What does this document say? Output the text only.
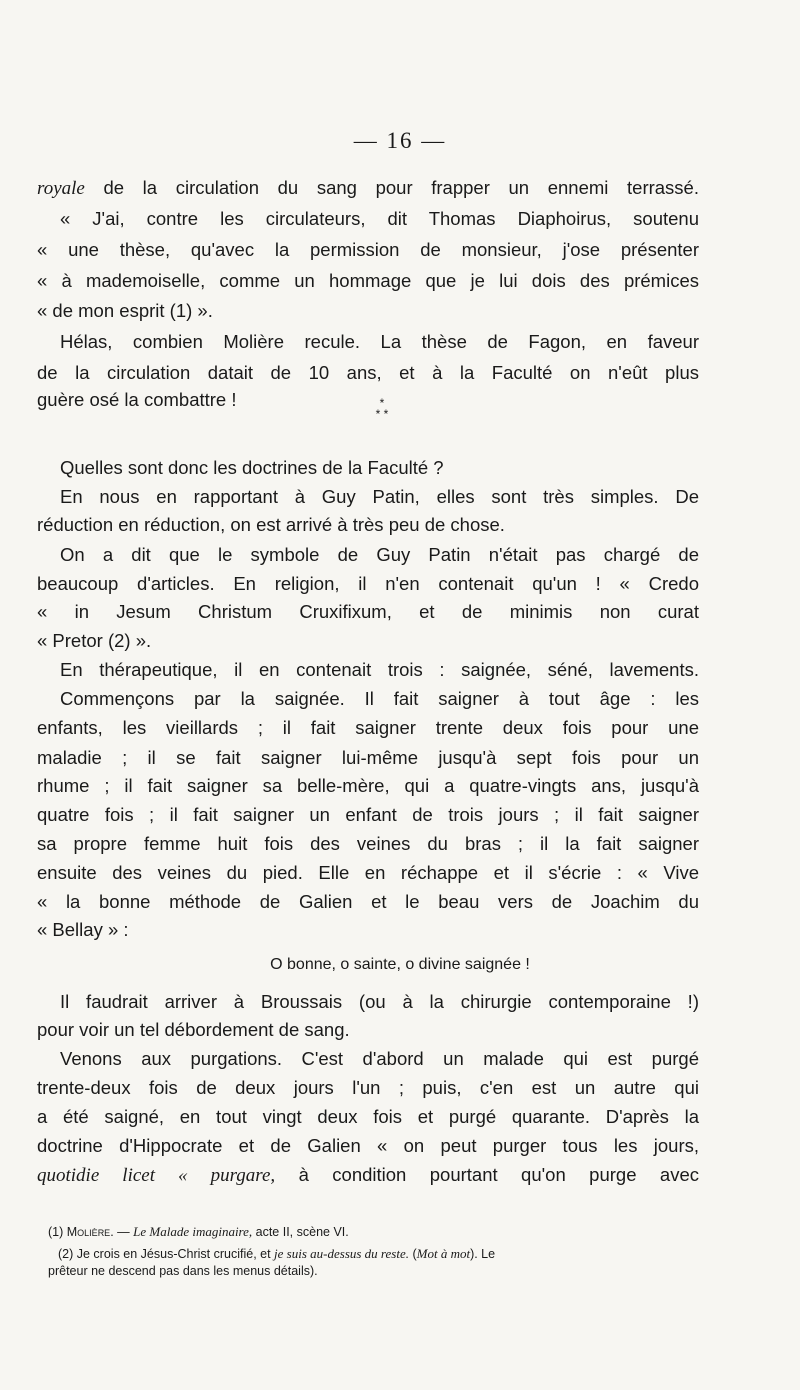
— 16 —
royale de la circulation du sang pour frapper un ennemi terrassé.
« J'ai, contre les circulateurs, dit Thomas Diaphoirus, soutenu
« une thèse, qu'avec la permission de monsieur, j'ose présenter
« à mademoiselle, comme un hommage que je lui dois des prémices
« de mon esprit (1) ».
Hélas, combien Molière recule. La thèse de Fagon, en faveur
de la circulation datait de 10 ans, et à la Faculté on n'eût plus
guère osé la combattre !	*
* *
Quelles sont donc les doctrines de la Faculté ?
En nous en rapportant à Guy Patin, elles sont très simples. De
réduction en réduction, on est arrivé à très peu de chose.
On a dit que le symbole de Guy Patin n'était pas chargé de
beaucoup d'articles. En religion, il n'en contenait qu'un ! « Credo
« in Jesum Christum Cruxifixum, et de minimis non curat
« Pretor (2) ».
En thérapeutique, il en contenait trois : saignée, séné, lavements.
Commençons par la saignée. Il fait saigner à tout âge : les
enfants, les vieillards ; il fait saigner trente deux fois pour une
maladie ; il se fait saigner lui-même jusqu'à sept fois pour un
rhume ; il fait saigner sa belle-mère, qui a quatre-vingts ans, jusqu'à
quatre fois ; il fait saigner un enfant de trois jours ; il fait saigner
sa propre femme huit fois des veines du bras ; il la fait saigner
ensuite des veines du pied. Elle en réchappe et il s'écrie : « Vive
« la bonne méthode de Galien et le beau vers de Joachim du
« Bellay » :
O bonne, o sainte, o divine saignée !
Il faudrait arriver à Broussais (ou à la chirurgie contemporaine !)
pour voir un tel débordement de sang.
Venons aux purgations. C'est d'abord un malade qui est purgé
trente-deux fois de deux jours l'un ; puis, c'en est un autre qui
a été saigné, en tout vingt deux fois et purgé quarante. D'après la
doctrine d'Hippocrate et de Galien « on peut purger tous les jours,
quotidie licet « purgare, à condition pourtant qu'on purge avec
(1) Molière. — Le Malade imaginaire, acte II, scène VI.
(2) Je crois en Jésus-Christ crucifié, et je suis au-dessus du reste. (Mot à mot). Le
prêteur ne descend pas dans les menus détails).
